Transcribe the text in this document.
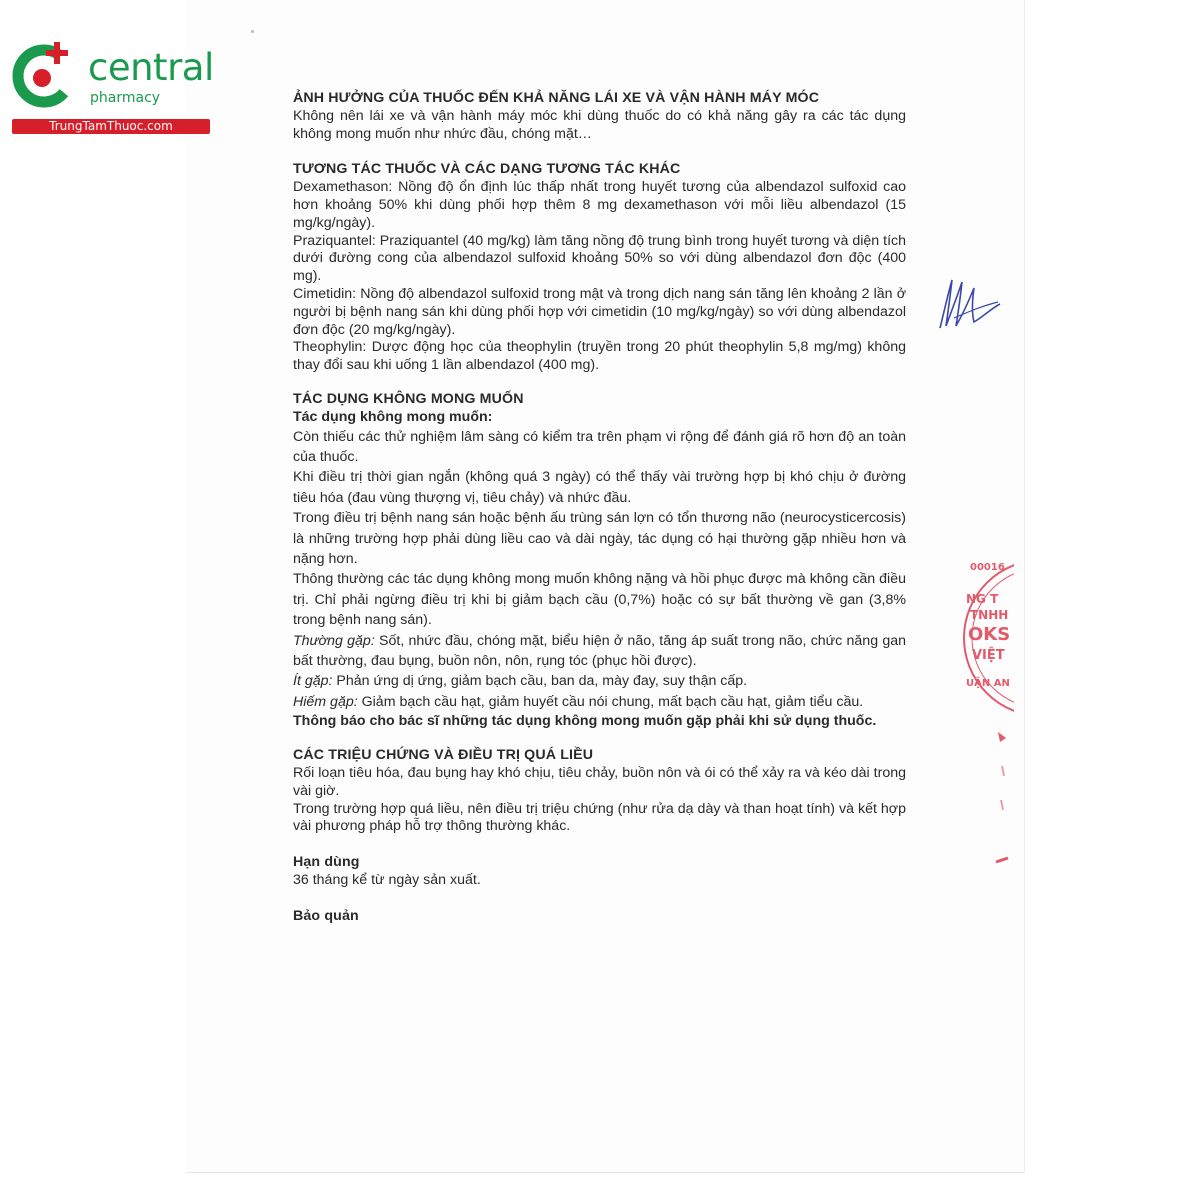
central
pharmacy
TrungTamThuoc.com

ẢNH HƯỞNG CỦA THUỐC ĐẾN KHẢ NĂNG LÁI XE VÀ VẬN HÀNH MÁY MÓC

Không nên lái xe và vận hành máy móc khi dùng thuốc do có khả năng gây ra các tác dụng không mong muốn như nhức đầu, chóng mặt…

TƯƠNG TÁC THUỐC VÀ CÁC DẠNG TƯƠNG TÁC KHÁC

Dexamethason: Nồng độ ổn định lúc thấp nhất trong huyết tương của albendazol sulfoxid cao hơn khoảng 50% khi dùng phối hợp thêm 8 mg dexamethason với mỗi liều albendazol (15 mg/kg/ngày).

Praziquantel: Praziquantel (40 mg/kg) làm tăng nồng độ trung bình trong huyết tương và diện tích dưới đường cong của albendazol sulfoxid khoảng 50% so với dùng albendazol đơn độc (400 mg).

Cimetidin: Nồng độ albendazol sulfoxid trong mật và trong dịch nang sán tăng lên khoảng 2 lần ở người bị bệnh nang sán khi dùng phối hợp với cimetidin (10 mg/kg/ngày) so với dùng albendazol đơn độc (20 mg/kg/ngày).

Theophylin: Dược động học của theophylin (truyền trong 20 phút theophylin 5,8 mg/mg) không thay đổi sau khi uống 1 lần albendazol (400 mg).

TÁC DỤNG KHÔNG MONG MUỐN

Tác dụng không mong muốn:

Còn thiếu các thử nghiệm lâm sàng có kiểm tra trên phạm vi rộng để đánh giá rõ hơn độ an toàn của thuốc.

Khi điều trị thời gian ngắn (không quá 3 ngày) có thể thấy vài trường hợp bị khó chịu ở đường tiêu hóa (đau vùng thượng vị, tiêu chảy) và nhức đầu.

Trong điều trị bệnh nang sán hoặc bệnh ấu trùng sán lợn có tổn thương não (neurocysticercosis) là những trường hợp phải dùng liều cao và dài ngày, tác dụng có hại thường gặp nhiều hơn và nặng hơn.

Thông thường các tác dụng không mong muốn không nặng và hồi phục được mà không cần điều trị. Chỉ phải ngừng điều trị khi bị giảm bạch cầu (0,7%) hoặc có sự bất thường về gan (3,8% trong bệnh nang sán).

Thường gặp: Sốt, nhức đầu, chóng mặt, biểu hiện ở não, tăng áp suất trong não, chức năng gan bất thường, đau bụng, buồn nôn, nôn, rụng tóc (phục hồi được).

Ít gặp: Phản ứng dị ứng, giảm bạch cầu, ban da, mày đay, suy thận cấp.

Hiếm gặp: Giảm bạch cầu hạt, giảm huyết cầu nói chung, mất bạch cầu hạt, giảm tiểu cầu.

Thông báo cho bác sĩ những tác dụng không mong muốn gặp phải khi sử dụng thuốc.

CÁC TRIỆU CHỨNG VÀ ĐIỀU TRỊ QUÁ LIỀU

Rối loạn tiêu hóa, đau bụng hay khó chịu, tiêu chảy, buồn nôn và ói có thể xảy ra và kéo dài trong vài giờ.

Trong trường hợp quá liều, nên điều trị triệu chứng (như rửa dạ dày và than hoạt tính) và kết hợp vài phương pháp hỗ trợ thông thường khác.

Hạn dùng

36 tháng kể từ ngày sản xuất.

Bảo quản

00016
NG T
TNHH
OKS
VIỆT
UẬN AN
